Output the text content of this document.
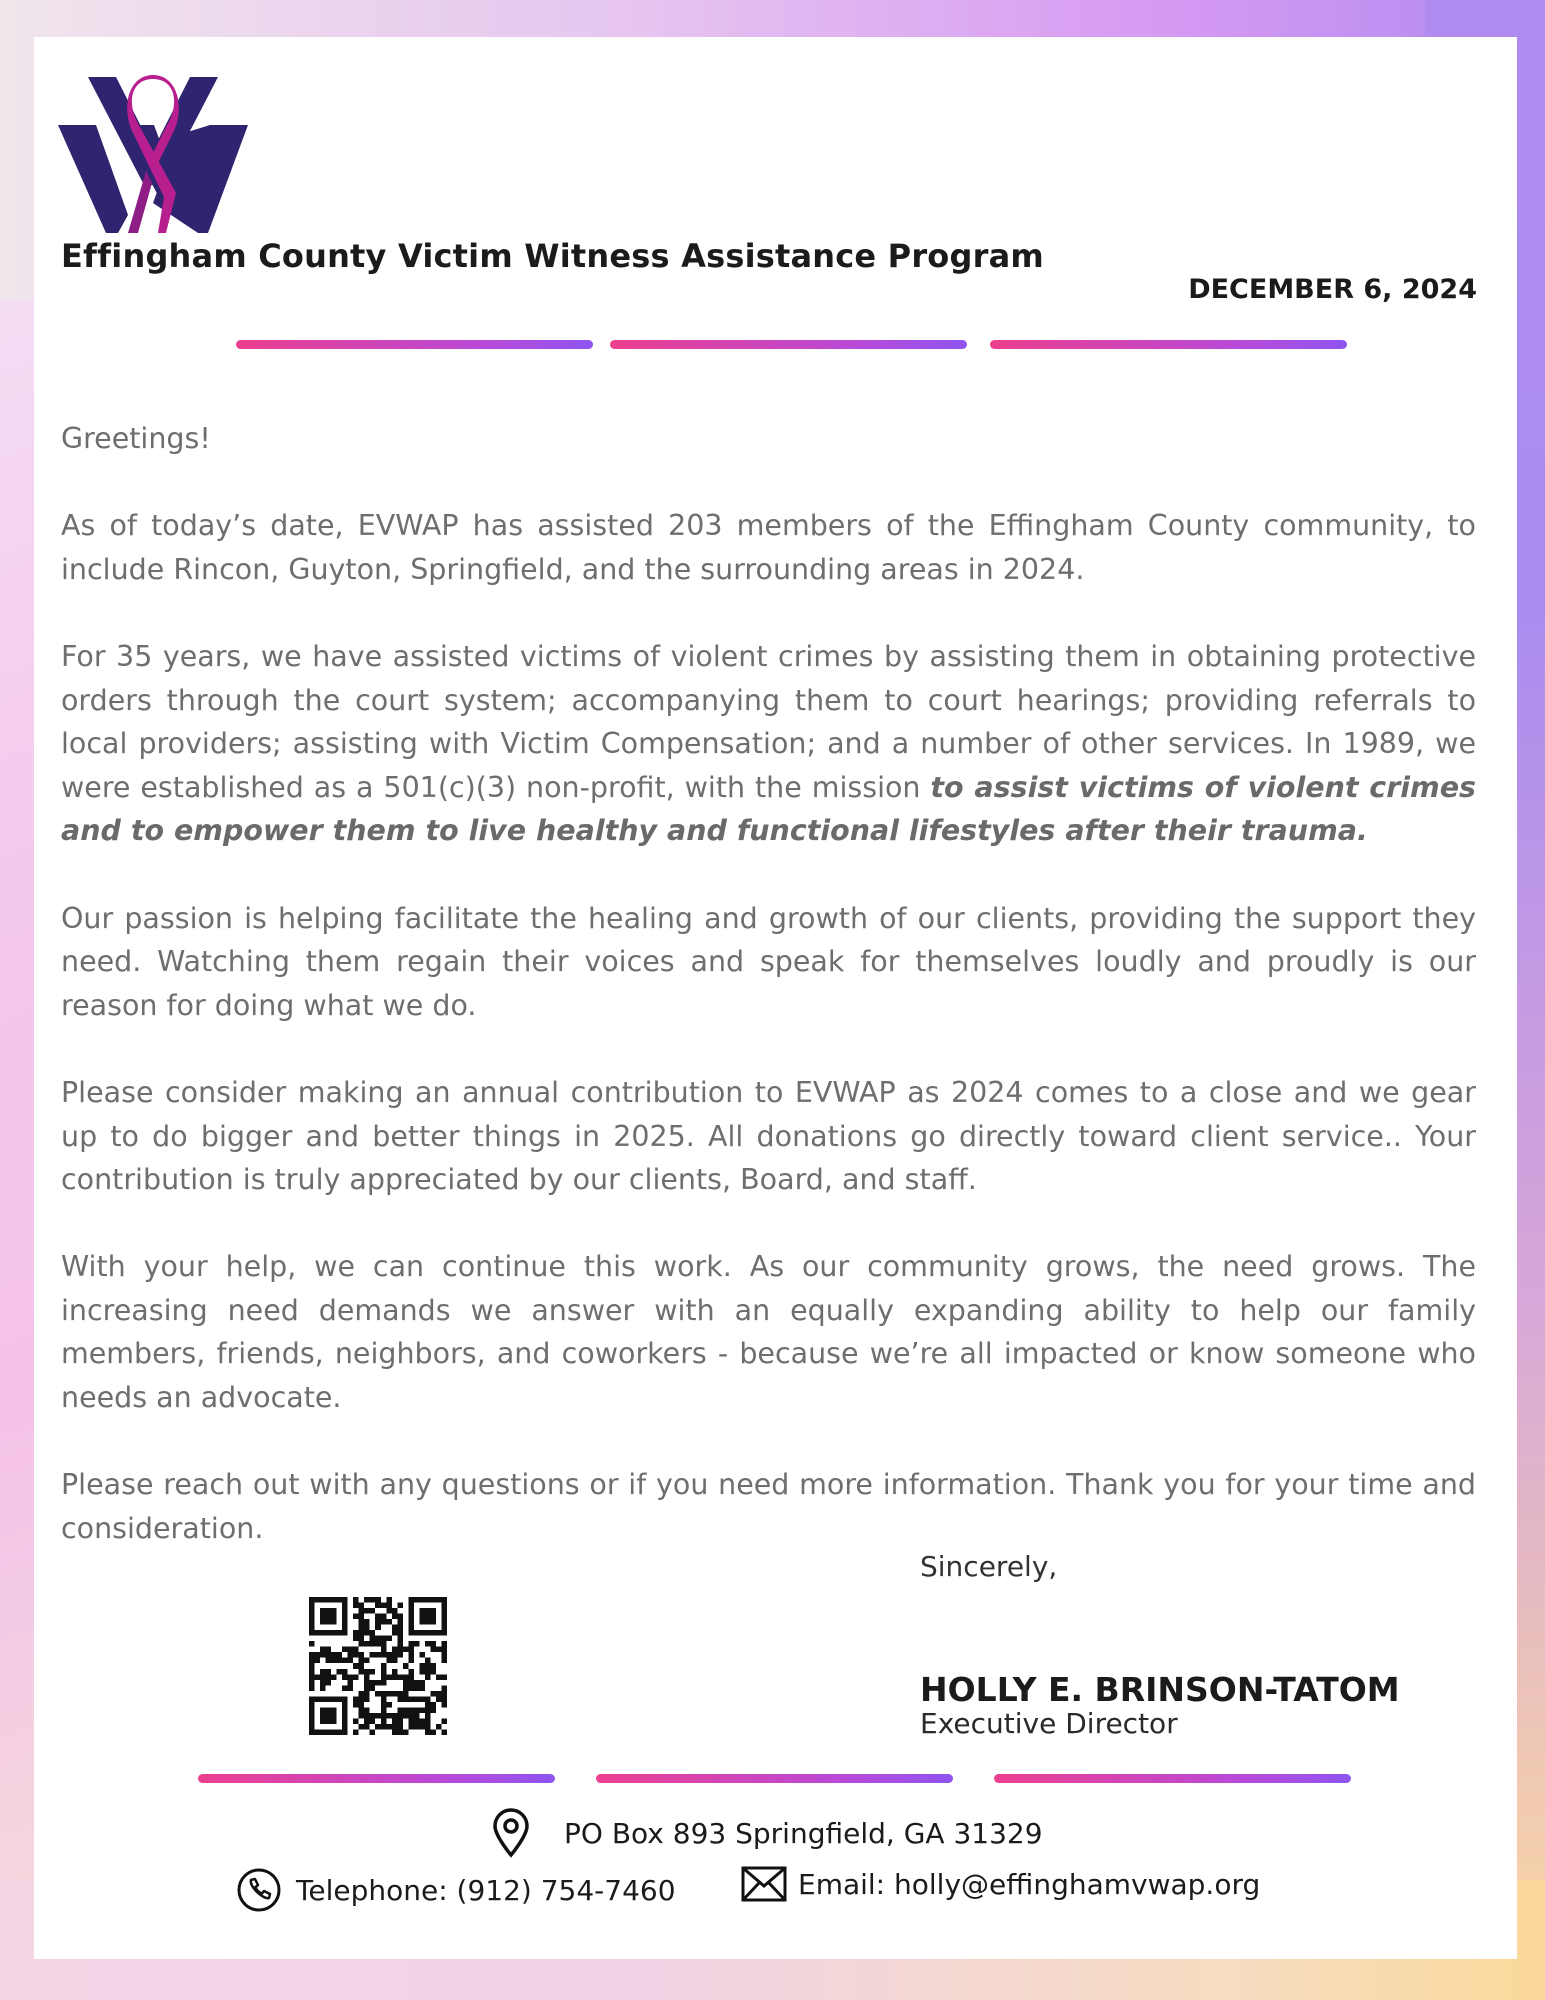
Effingham County Victim Witness Assistance Program
DECEMBER 6, 2024

Greetings!

As of today’s date, EVWAP has assisted 203 members of the Effingham County community, to include Rincon, Guyton, Springfield, and the surrounding areas in 2024.

For 35 years, we have assisted victims of violent crimes by assisting them in obtaining protective orders through the court system; accompanying them to court hearings; providing referrals to local providers; assisting with Victim Compensation; and a number of other services. In 1989, we were established as a 501(c)(3) non-profit, with the mission to assist victims of violent crimes and to empower them to live healthy and functional lifestyles after their trauma.

Our passion is helping facilitate the healing and growth of our clients, providing the support they need. Watching them regain their voices and speak for themselves loudly and proudly is our reason for doing what we do.

Please consider making an annual contribution to EVWAP as 2024 comes to a close and we gear up to do bigger and better things in 2025. All donations go directly toward client service.. Your contribution is truly appreciated by our clients, Board, and staff.

With your help, we can continue this work. As our community grows, the need grows. The increasing need demands we answer with an equally expanding ability to help our family members, friends, neighbors, and coworkers - because we’re all impacted or know someone who needs an advocate.

Please reach out with any questions or if you need more information. Thank you for your time and consideration.

Sincerely,
HOLLY E. BRINSON-TATOM
Executive Director
PO Box 893 Springfield, GA 31329
Telephone: (912) 754-7460	Email: holly@effinghamvwap.org
